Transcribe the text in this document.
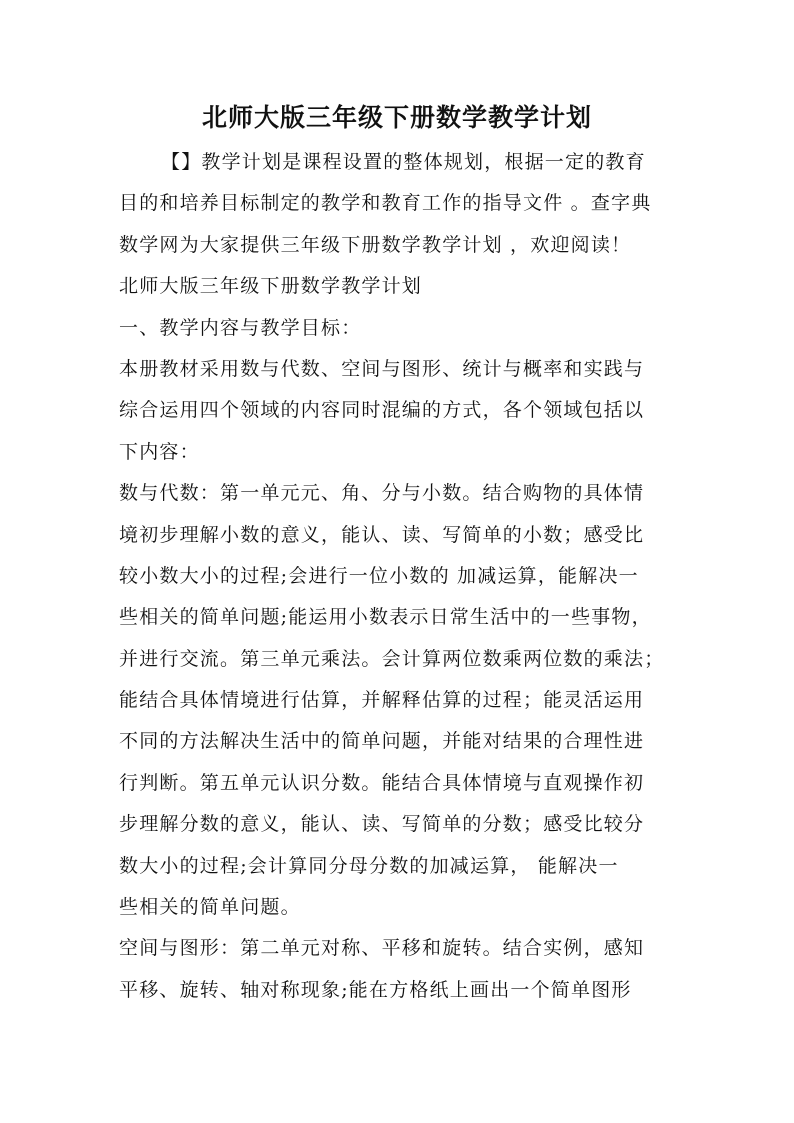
北师大版三年级下册数学教学计划
【】教学计划是课程设置的整体规划，根据一定的教育
目的和培养目标制定的教学和教育工作的指导文件 。查字典
数学网为大家提供三年级下册数学教学计划 ，欢迎阅读！
北师大版三年级下册数学教学计划
一、教学内容与教学目标：
本册教材采用数与代数、空间与图形、统计与概率和实践与
综合运用四个领域的内容同时混编的方式，各个领域包括以
下内容：
数与代数：第一单元元、角、分与小数。结合购物的具体情
境初步理解小数的意义，能认、读、写简单的小数；感受比
较小数大小的过程;会进行一位小数的 加减运算，能解决一
些相关的简单问题;能运用小数表示日常生活中的一些事物，
并进行交流。第三单元乘法。会计算两位数乘两位数的乘法；
能结合具体情境进行估算，并解释估算的过程；能灵活运用
不同的方法解决生活中的简单问题，并能对结果的合理性进
行判断。第五单元认识分数。能结合具体情境与直观操作初
步理解分数的意义，能认、读、写简单的分数；感受比较分
数大小的过程;会计算同分母分数的加减运算， 能解决一
些相关的简单问题。
空间与图形：第二单元对称、平移和旋转。结合实例，感知
平移、旋转、轴对称现象;能在方格纸上画出一个简单图形
